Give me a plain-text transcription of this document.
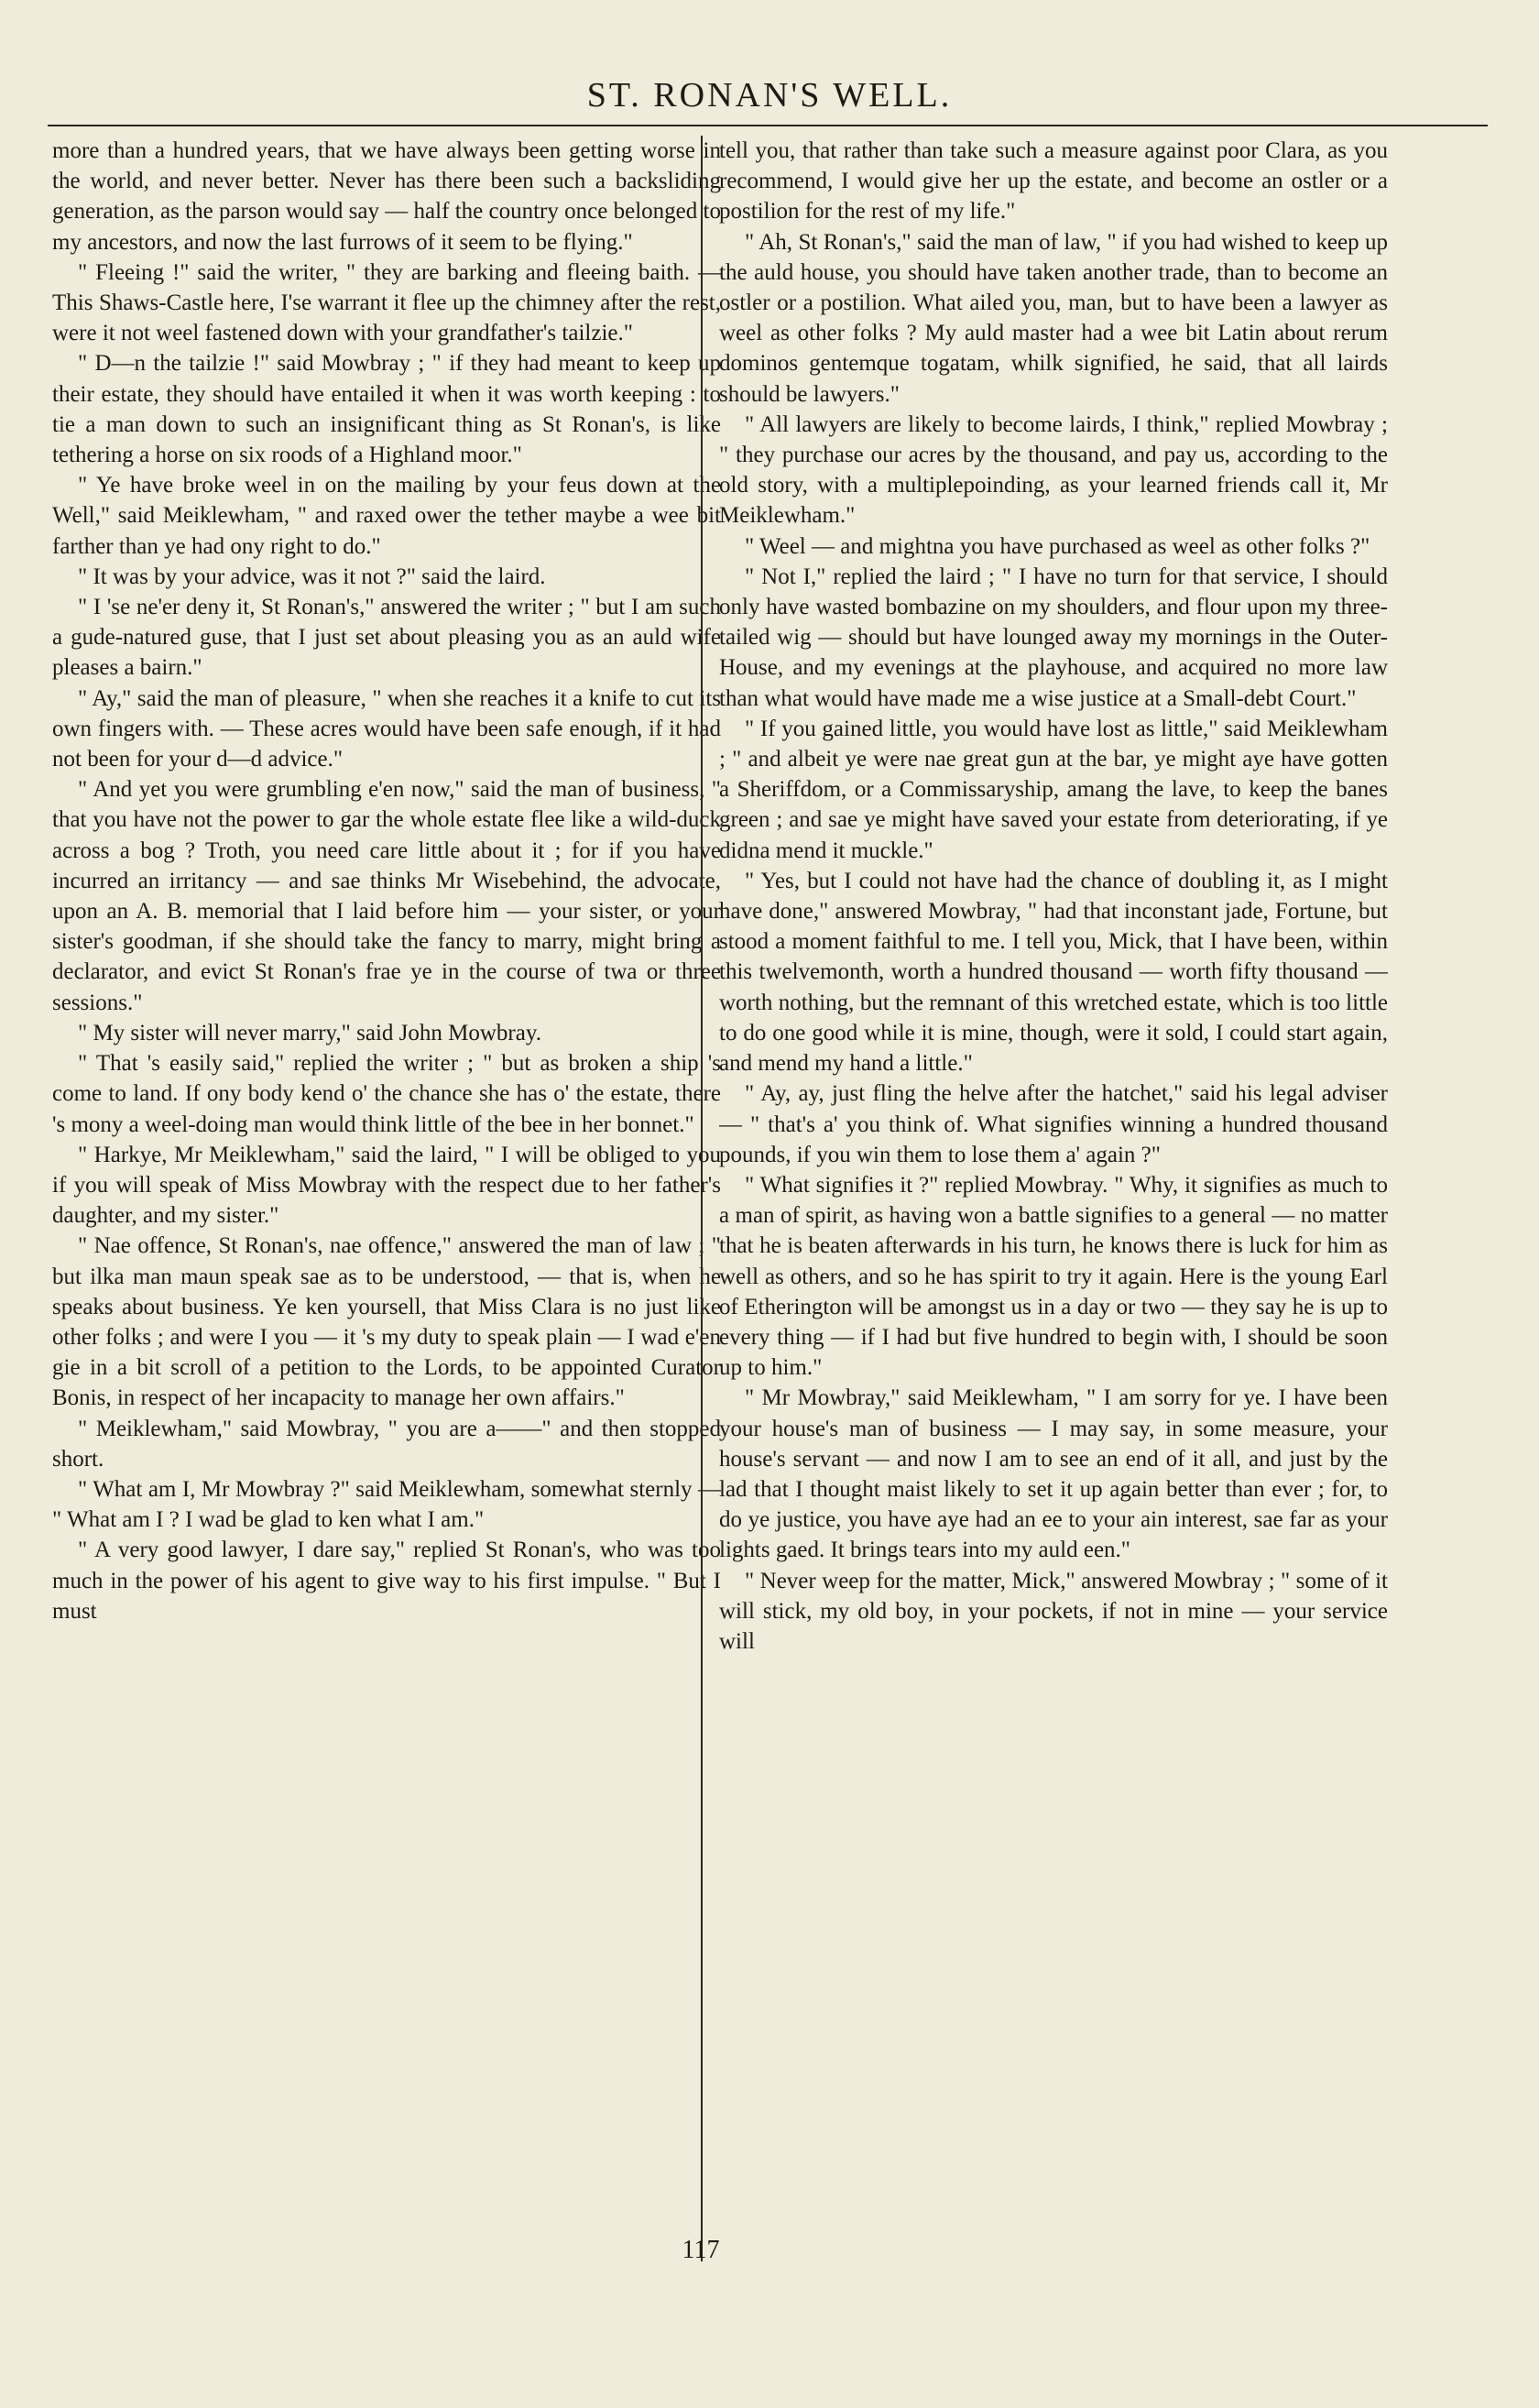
ST. RONAN'S WELL.

more than a hundred years, that we have always been getting worse in the world, and never better. Never has there been such a backsliding generation, as the parson would say — half the country once belonged to my ancestors, and now the last furrows of it seem to be flying."

" Fleeing !" said the writer, " they are barking and fleeing baith. — This Shaws-Castle here, I'se warrant it flee up the chimney after the rest, were it not weel fastened down with your grandfather's tailzie."

" D—n the tailzie !" said Mowbray ; " if they had meant to keep up their estate, they should have entailed it when it was worth keeping : to tie a man down to such an insignificant thing as St Ronan's, is like tethering a horse on six roods of a Highland moor."

" Ye have broke weel in on the mailing by your feus down at the Well," said Meiklewham, " and raxed ower the tether maybe a wee bit farther than ye had ony right to do."

" It was by your advice, was it not ?" said the laird.

" I 'se ne'er deny it, St Ronan's," answered the writer ; " but I am such a gude-natured guse, that I just set about pleasing you as an auld wife pleases a bairn."

" Ay," said the man of pleasure, " when she reaches it a knife to cut its own fingers with. — These acres would have been safe enough, if it had not been for your d—d advice."

" And yet you were grumbling e'en now," said the man of business, " that you have not the power to gar the whole estate flee like a wild-duck across a bog ? Troth, you need care little about it ; for if you have incurred an irritancy — and sae thinks Mr Wisebehind, the advocate, upon an A. B. memorial that I laid before him — your sister, or your sister's goodman, if she should take the fancy to marry, might bring a declarator, and evict St Ronan's frae ye in the course of twa or three sessions."

" My sister will never marry," said John Mowbray.

" That 's easily said," replied the writer ; " but as broken a ship 's come to land. If ony body kend o' the chance she has o' the estate, there 's mony a weel-doing man would think little of the bee in her bonnet."

" Harkye, Mr Meiklewham," said the laird, " I will be obliged to you if you will speak of Miss Mowbray with the respect due to her father's daughter, and my sister."

" Nae offence, St Ronan's, nae offence," answered the man of law ; " but ilka man maun speak sae as to be understood, — that is, when he speaks about business. Ye ken yoursell, that Miss Clara is no just like other folks ; and were I you — it 's my duty to speak plain — I wad e'en gie in a bit scroll of a petition to the Lords, to be appointed Curator Bonis, in respect of her incapacity to manage her own affairs."

" Meiklewham," said Mowbray, " you are a——" and then stopped short.

" What am I, Mr Mowbray ?" said Meiklewham, somewhat sternly — " What am I ? I wad be glad to ken what I am."

" A very good lawyer, I dare say," replied St Ronan's, who was too much in the power of his agent to give way to his first impulse. " But I must

tell you, that rather than take such a measure against poor Clara, as you recommend, I would give her up the estate, and become an ostler or a postilion for the rest of my life."

" Ah, St Ronan's," said the man of law, " if you had wished to keep up the auld house, you should have taken another trade, than to become an ostler or a postilion. What ailed you, man, but to have been a lawyer as weel as other folks ? My auld master had a wee bit Latin about rerum dominos gentemque togatam, whilk signified, he said, that all lairds should be lawyers."

" All lawyers are likely to become lairds, I think," replied Mowbray ; " they purchase our acres by the thousand, and pay us, according to the old story, with a multiplepoinding, as your learned friends call it, Mr Meiklewham."

" Weel — and mightna you have purchased as weel as other folks ?"

" Not I," replied the laird ; " I have no turn for that service, I should only have wasted bombazine on my shoulders, and flour upon my three-tailed wig — should but have lounged away my mornings in the Outer-House, and my evenings at the playhouse, and acquired no more law than what would have made me a wise justice at a Small-debt Court."

" If you gained little, you would have lost as little," said Meiklewham ; " and albeit ye were nae great gun at the bar, ye might aye have gotten a Sheriffdom, or a Commissaryship, amang the lave, to keep the banes green ; and sae ye might have saved your estate from deteriorating, if ye didna mend it muckle."

" Yes, but I could not have had the chance of doubling it, as I might have done," answered Mowbray, " had that inconstant jade, Fortune, but stood a moment faithful to me. I tell you, Mick, that I have been, within this twelvemonth, worth a hundred thousand — worth fifty thousand — worth nothing, but the remnant of this wretched estate, which is too little to do one good while it is mine, though, were it sold, I could start again, and mend my hand a little."

" Ay, ay, just fling the helve after the hatchet," said his legal adviser — " that's a' you think of. What signifies winning a hundred thousand pounds, if you win them to lose them a' again ?"

" What signifies it ?" replied Mowbray. " Why, it signifies as much to a man of spirit, as having won a battle signifies to a general — no matter that he is beaten afterwards in his turn, he knows there is luck for him as well as others, and so he has spirit to try it again. Here is the young Earl of Etherington will be amongst us in a day or two — they say he is up to every thing — if I had but five hundred to begin with, I should be soon up to him."

" Mr Mowbray," said Meiklewham, " I am sorry for ye. I have been your house's man of business — I may say, in some measure, your house's servant — and now I am to see an end of it all, and just by the lad that I thought maist likely to set it up again better than ever ; for, to do ye justice, you have aye had an ee to your ain interest, sae far as your lights gaed. It brings tears into my auld een."

" Never weep for the matter, Mick," answered Mowbray ; " some of it will stick, my old boy, in your pockets, if not in mine — your service will

117
